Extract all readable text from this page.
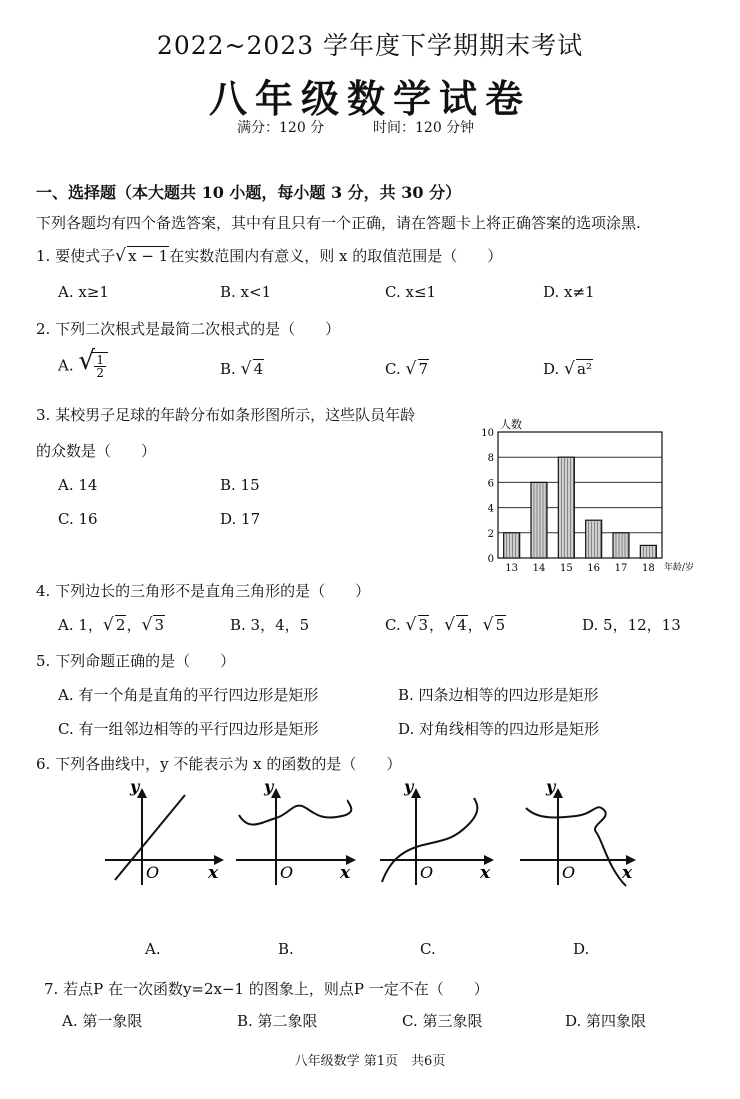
2022~2023 学年度下学期期末考试
八年级数学试卷
满分：120 分	时间：120 分钟
一、选择题（本大题共 10 小题，每小题 3 分，共 30 分）
下列各题均有四个备选答案，其中有且只有一个正确，请在答题卡上将正确答案的选项涂黑.
1. 要使式子 √ x − 1在实数范围内有意义，则 x 的取值范围是（　　）
A. x≥1	B. x<1	C. x≤1	D. x≠1
2. 下列二次根式是最简二次根式的是（　　）
A. √ $\frac{1}{2}$	B. √ 4	C. √ 7	D. √ a²
3. 某校男子足球的年龄分布如条形图所示，这些队员年龄
的众数是（　　）
A. 14	B. 15
C. 16	D. 17
0
2
4
6
8
10
人数
13 14 15 16 17 18 年龄/岁
4. 下列边长的三角形不是直角三角形的是（　　）
A. 1， √ 2， √ 3	B. 3，4，5	C. √ 3， √ 4， √ 5	D. 5，12，13
5. 下列命题正确的是（　　）
A. 有一个角是直角的平行四边形是矩形	B. 四条边相等的四边形是矩形
C. 有一组邻边相等的平行四边形是矩形	D. 对角线相等的四边形是矩形
6. 下列各曲线中，y 不能表示为 x 的函数的是（　　）
y
x
O
y
x
O
y
x
O
y
x
O
A.	B.	C.	D.
7. 若点P 在一次函数y=2x−1 的图象上，则点P 一定不在（　　）
A. 第一象限	B. 第二象限	C. 第三象限	D. 第四象限
八年级数学 第1页　共6页
